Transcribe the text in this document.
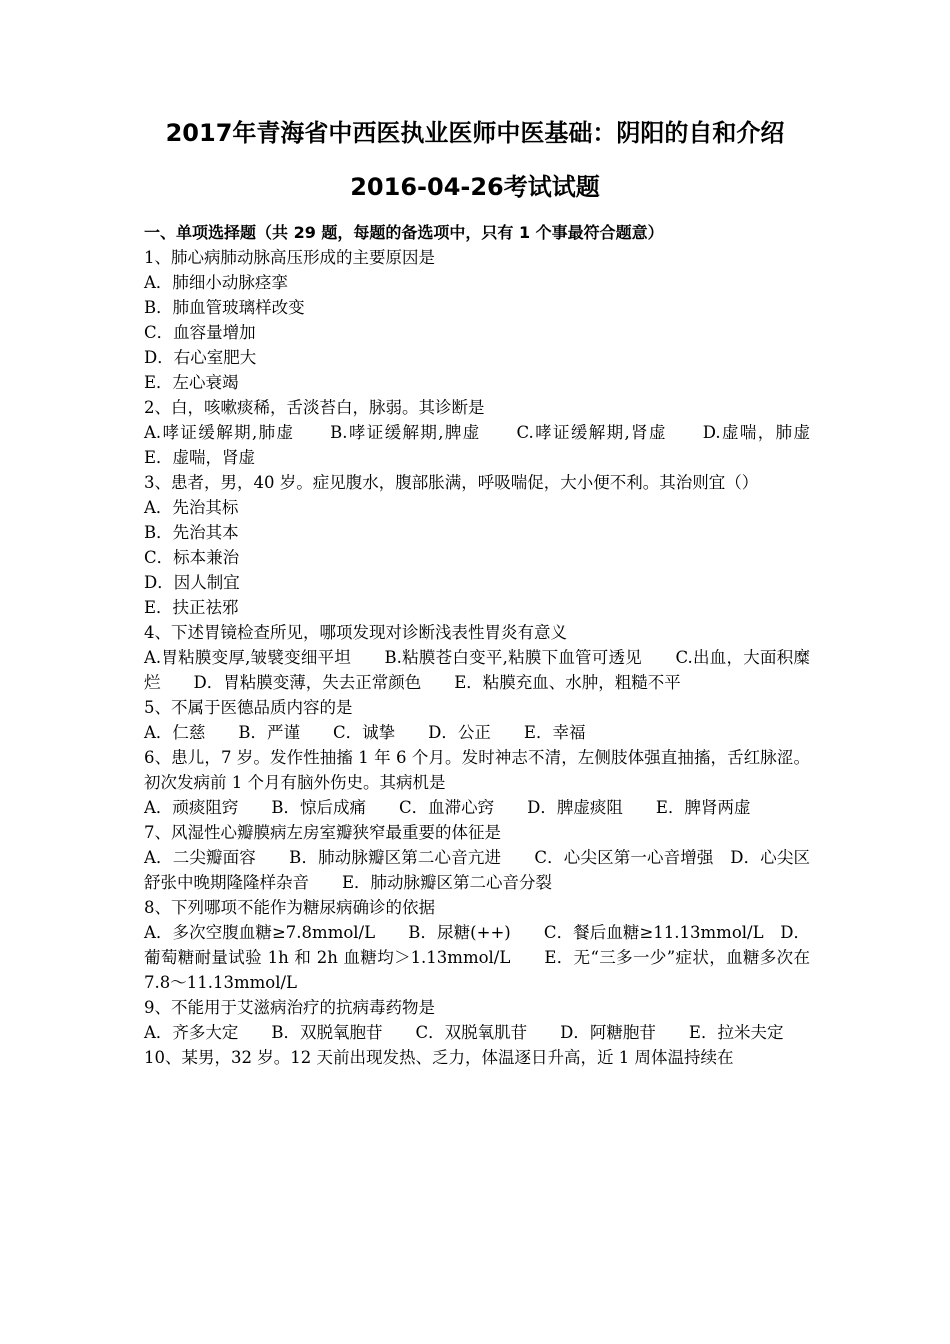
2017年青海省中西医执业医师中医基础：阴阳的自和介绍
2016-04-26考试试题
一、单项选择题（共 29 题，每题的备选项中，只有 1 个事最符合题意）
1、肺心病肺动脉高压形成的主要原因是
A．肺细小动脉痉挛
B．肺血管玻璃样改变
C．血容量增加
D．右心室肥大
E．左心衰竭
2、白，咳嗽痰稀，舌淡苔白，脉弱。其诊断是
A.哮证缓解期,肺虚　　B.哮证缓解期,脾虚　　C.哮证缓解期,肾虚　　D.虚喘，肺虚　　E．虚喘，肾虚
3、患者，男，40 岁。症见腹水，腹部胀满，呼吸喘促，大小便不利。其治则宜（）
A．先治其标
B．先治其本
C．标本兼治
D．因人制宜
E．扶正祛邪
4、下述胃镜检查所见，哪项发现对诊断浅表性胃炎有意义
A.胃粘膜变厚,皱襞变细平坦　　B.粘膜苍白变平,粘膜下血管可透见　　C.出血，大面积糜烂　　D．胃粘膜变薄，失去正常颜色　　E．粘膜充血、水肿，粗糙不平
5、不属于医德品质内容的是
A．仁慈　　B．严谨　　C．诚挚　　D．公正　　E．幸福
6、患儿，7 岁。发作性抽搐 1 年 6 个月。发时神志不清，左侧肢体强直抽搐，舌红脉涩。初次发病前 1 个月有脑外伤史。其病机是
A．顽痰阻窍　　B．惊后成痛　　C．血滞心窍　　D．脾虚痰阻　　E．脾肾两虚
7、风湿性心瓣膜病左房室瓣狭窄最重要的体征是
A．二尖瓣面容　　B．肺动脉瓣区第二心音亢进　　C．心尖区第一心音增强　D．心尖区舒张中晚期隆隆样杂音　　E．肺动脉瓣区第二心音分裂
8、下列哪项不能作为糖尿病确诊的依据
A．多次空腹血糖≥7.8mmol/L　　B．尿糖(++)　　C．餐后血糖≥11.13mmol/L　D．葡萄糖耐量试验 1h 和 2h 血糖均＞1.13mmol/L　　E．无“三多一少”症状，血糖多次在 7.8～11.13mmol/L
9、不能用于艾滋病治疗的抗病毒药物是
A．齐多大定　　B．双脱氧胞苷　　C．双脱氧肌苷　　D．阿糖胞苷　　E．拉米夫定
10、某男，32 岁。12 天前出现发热、乏力，体温逐日升高，近 1 周体温持续在
